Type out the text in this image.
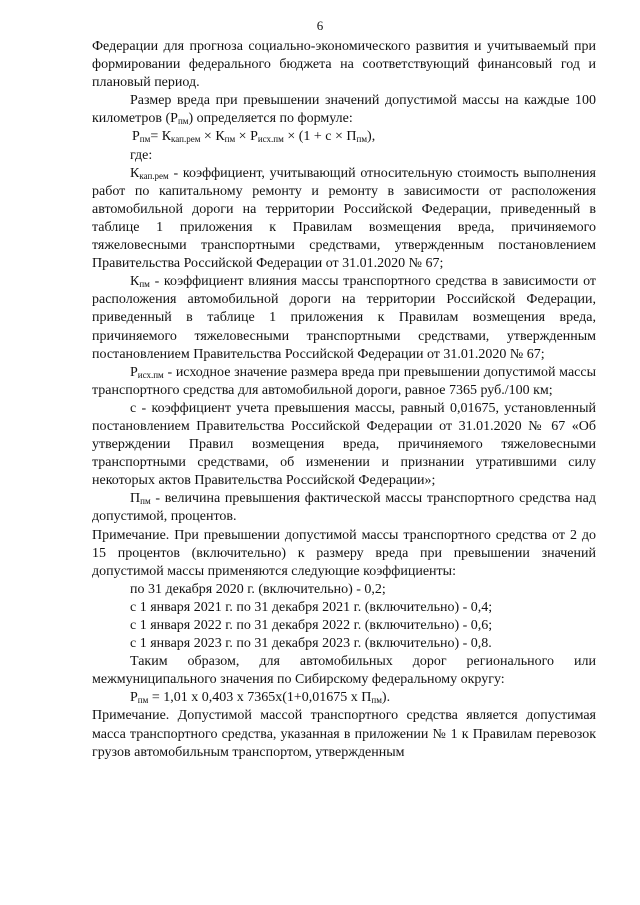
6

Федерации для прогноза социально-экономического развития и учитываемый при формировании федерального бюджета на соответствующий финансовый год и плановый период.

Размер вреда при превышении значений допустимой массы на каждые 100 километров $(Р_{пм})$ определяется по формуле:

$Р_{пм}= К_{кап.рем} \times К_{пм} \times Р_{исх.пм} \times (1 + с \times П_{пм})$,

где:

$К_{кап.рем}$ - коэффициент, учитывающий относительную стоимость выполнения работ по капитальному ремонту и ремонту в зависимости от расположения автомобильной дороги на территории Российской Федерации, приведенный в таблице 1 приложения к Правилам возмещения вреда, причиняемого тяжеловесными транспортными средствами, утвержденным постановлением Правительства Российской Федерации от 31.01.2020 № 67;

$К_{пм}$ - коэффициент влияния массы транспортного средства в зависимости от расположения автомобильной дороги на территории Российской Федерации, приведенный в таблице 1 приложения к Правилам возмещения вреда, причиняемого тяжеловесными транспортными средствами, утвержденным постановлением Правительства Российской Федерации от 31.01.2020 № 67;

$Р_{исх.пм}$ - исходное значение размера вреда при превышении допустимой массы транспортного средства для автомобильной дороги, равное 7365 руб./100 км;

с - коэффициент учета превышения массы, равный 0,01675, установленный постановлением Правительства Российской Федерации от 31.01.2020 № 67 «Об утверждении Правил возмещения вреда, причиняемого тяжеловесными транспортными средствами, об изменении и признании утратившими силу некоторых актов Правительства Российской Федерации»;

$П_{пм}$ - величина превышения фактической массы транспортного средства над допустимой, процентов.

Примечание. При превышении допустимой массы транспортного средства от 2 до 15 процентов (включительно) к размеру вреда при превышении значений допустимой массы применяются следующие коэффициенты:

по 31 декабря 2020 г. (включительно) - 0,2;

с 1 января 2021 г. по 31 декабря 2021 г. (включительно) - 0,4;

с 1 января 2022 г. по 31 декабря 2022 г. (включительно) - 0,6;

с 1 января 2023 г. по 31 декабря 2023 г. (включительно) - 0,8.

Таким образом, для автомобильных дорог регионального или межмуниципального значения по Сибирскому федеральному округу:

$Р_{пм} = 1,01$ х 0,403 х 7365х(1+0,01675 х $П_{пм}$).

Примечание. Допустимой массой транспортного средства является допустимая масса транспортного средства, указанная в приложении № 1 к Правилам перевозок грузов автомобильным транспортом, утвержденным
